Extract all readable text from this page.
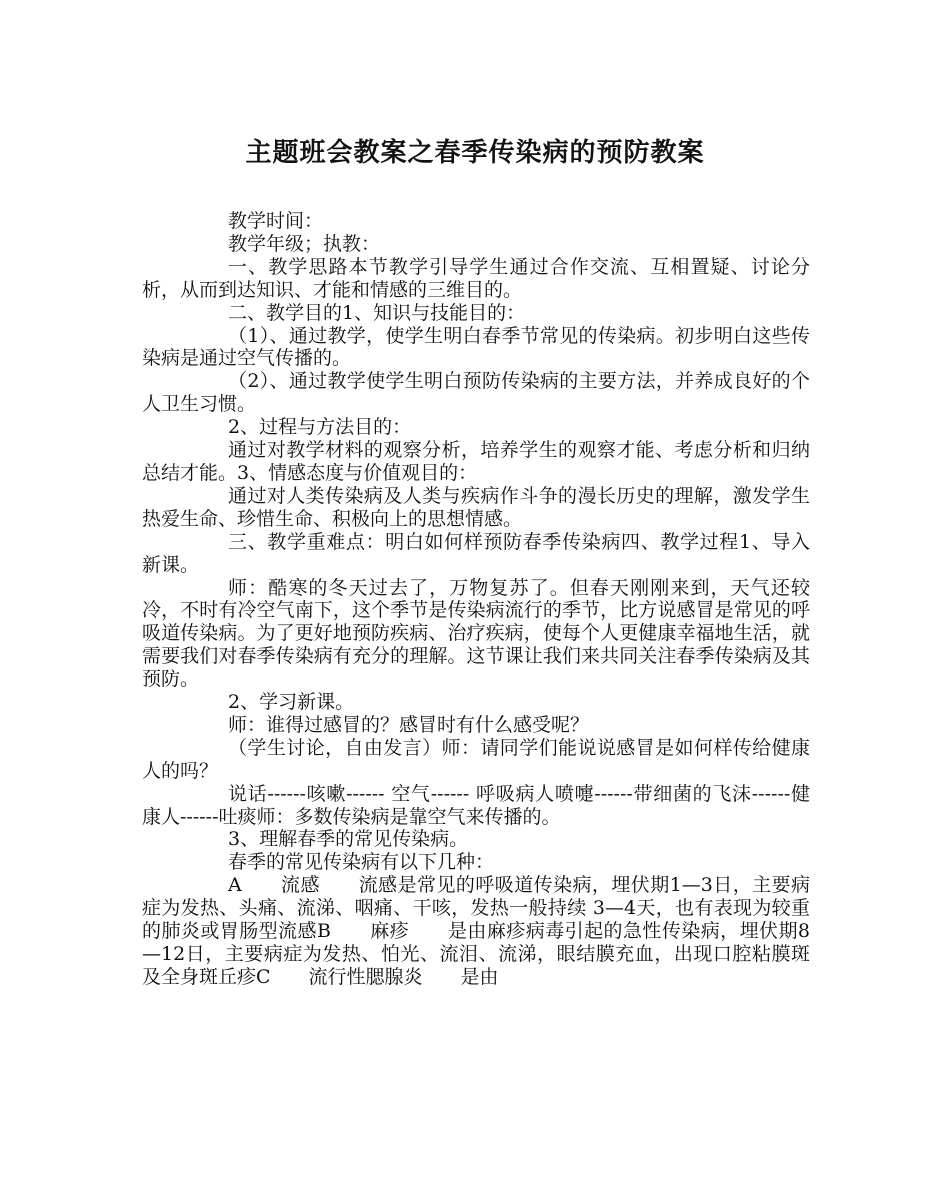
主题班会教案之春季传染病的预防教案

教学时间：

教学年级；执教：

一、教学思路本节教学引导学生通过合作交流、互相置疑、讨论分析，从而到达知识、才能和情感的三维目的。

二、教学目的1、知识与技能目的：

（1）、通过教学，使学生明白春季节常见的传染病。初步明白这些传染病是通过空气传播的。

（2）、通过教学使学生明白预防传染病的主要方法，并养成良好的个人卫生习惯。

2、过程与方法目的：

通过对教学材料的观察分析，培养学生的观察才能、考虑分析和归纳总结才能。3、情感态度与价值观目的：

通过对人类传染病及人类与疾病作斗争的漫长历史的理解，激发学生热爱生命、珍惜生命、积极向上的思想情感。

三、教学重难点：明白如何样预防春季传染病四、教学过程1、导入新课。

师：酷寒的冬天过去了，万物复苏了。但春天刚刚来到，天气还较冷，不时有冷空气南下，这个季节是传染病流行的季节，比方说感冒是常见的呼吸道传染病。为了更好地预防疾病、治疗疾病，使每个人更健康幸福地生活，就需要我们对春季传染病有充分的理解。这节课让我们来共同关注春季传染病及其预防。

2、学习新课。

师：谁得过感冒的？感冒时有什么感受呢？

（学生讨论，自由发言）师：请同学们能说说感冒是如何样传给健康人的吗？

说话------咳嗽------ 空气------ 呼吸病人喷嚏------带细菌的飞沫------健康人------吐痰师：多数传染病是靠空气来传播的。

3、理解春季的常见传染病。

春季的常见传染病有以下几种：

A　　流感　　流感是常见的呼吸道传染病，埋伏期1—3日，主要病症为发热、头痛、流涕、咽痛、干咳，发热一般持续 3—4天，也有表现为较重的肺炎或胃肠型流感B　　麻疹　　是由麻疹病毒引起的急性传染病，埋伏期8—12日，主要病症为发热、怕光、流泪、流涕，眼结膜充血，出现口腔粘膜斑及全身斑丘疹C　　流行性腮腺炎　　是由
